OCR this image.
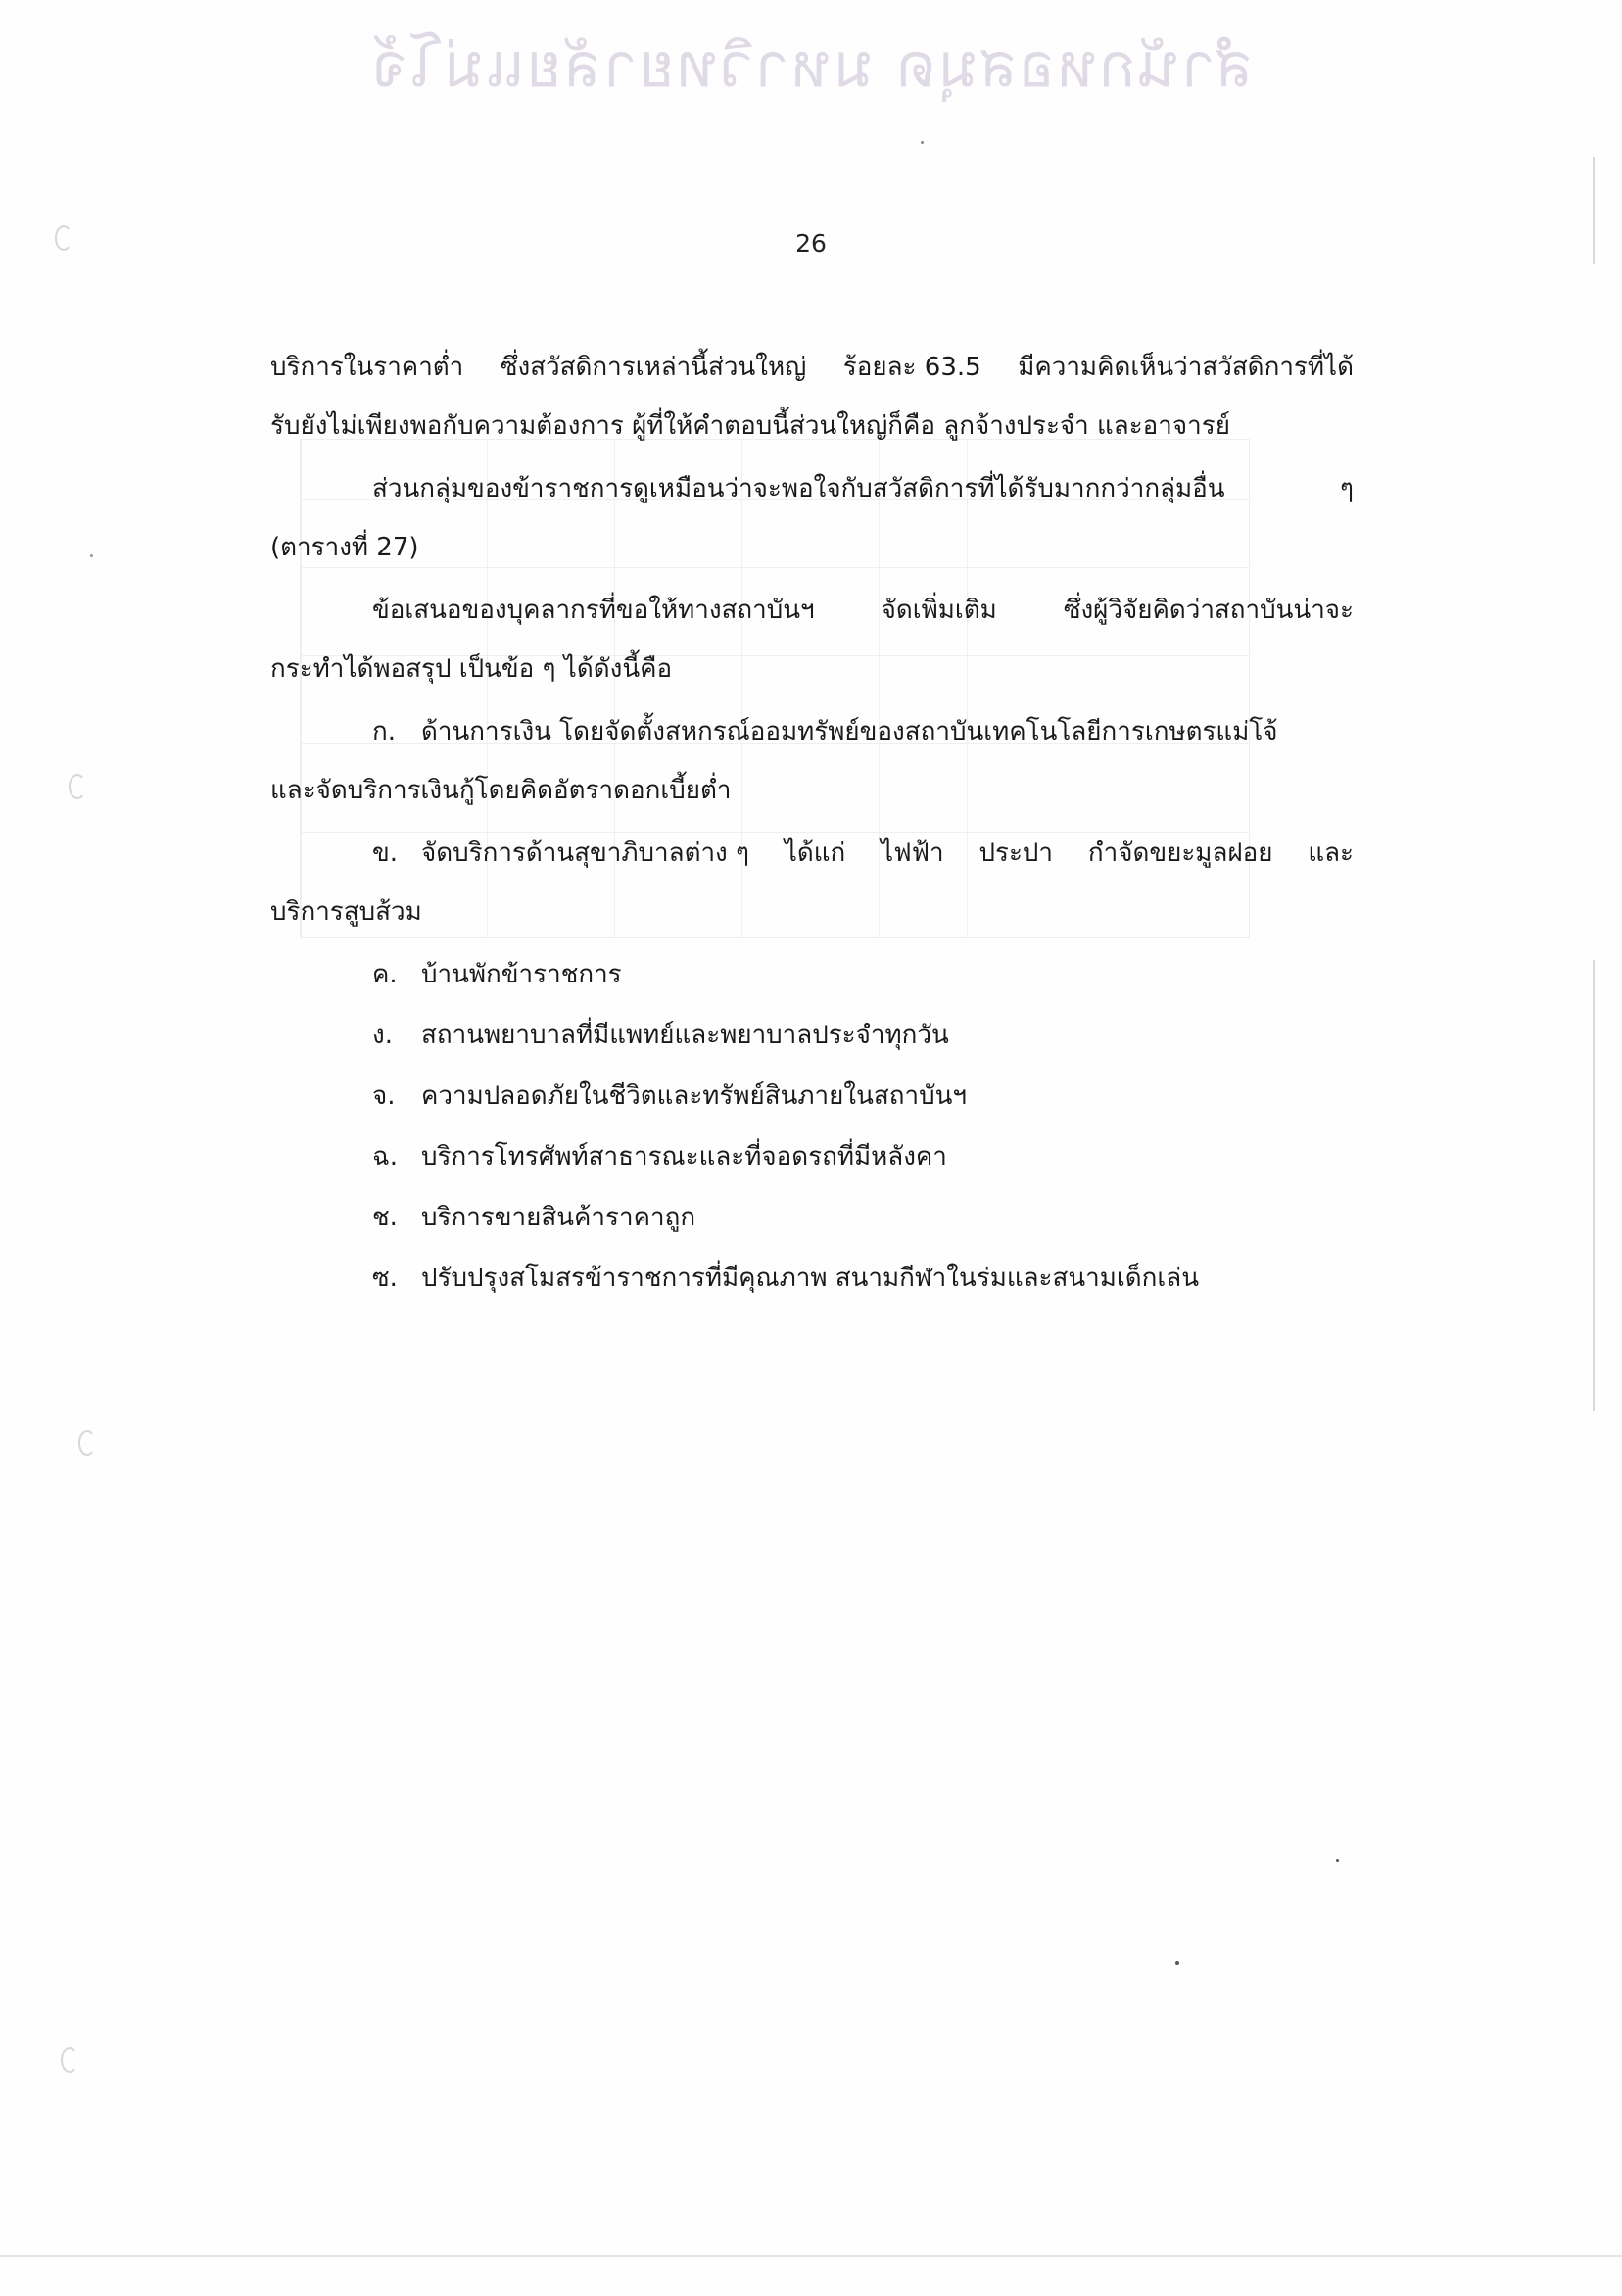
สำนักหอสมุด มหาวิทยาลัยแม่โจ้
26
บริการในราคาต่ำ ซึ่งสวัสดิการเหล่านี้ส่วนใหญ่ ร้อยละ 63.5 มีความคิดเห็นว่าสวัสดิการที่ได้
รับยังไม่เพียงพอกับความต้องการ ผู้ที่ให้คำตอบนี้ส่วนใหญ่ก็คือ ลูกจ้างประจำ และอาจารย์
ส่วนกลุ่มของข้าราชการดูเหมือนว่าจะพอใจกับสวัสดิการที่ได้รับมากกว่ากลุ่มอื่น	ๆ
(ตารางที่ 27)
ข้อเสนอของบุคลากรที่ขอให้ทางสถาบันฯ	จัดเพิ่มเติม	ซึ่งผู้วิจัยคิดว่าสถาบันน่าจะ
กระทำได้พอสรุป เป็นข้อ ๆ ได้ดังนี้คือ
ก. ด้านการเงิน โดยจัดตั้งสหกรณ์ออมทรัพย์ของสถาบันเทคโนโลยีการเกษตรแม่โจ้
และจัดบริการเงินกู้โดยคิดอัตราดอกเบี้ยต่ำ
ข. จัดบริการด้านสุขาภิบาลต่าง ๆ ได้แก่ ไฟฟ้า ประปา กำจัดขยะมูลฝอย และ
บริการสูบส้วม
ค. บ้านพักข้าราชการ
ง. สถานพยาบาลที่มีแพทย์และพยาบาลประจำทุกวัน
จ. ความปลอดภัยในชีวิตและทรัพย์สินภายในสถาบันฯ
ฉ. บริการโทรศัพท์สาธารณะและที่จอดรถที่มีหลังคา
ช. บริการขายสินค้าราคาถูก
ซ. ปรับปรุงสโมสรข้าราชการที่มีคุณภาพ สนามกีฬาในร่มและสนามเด็กเล่น
